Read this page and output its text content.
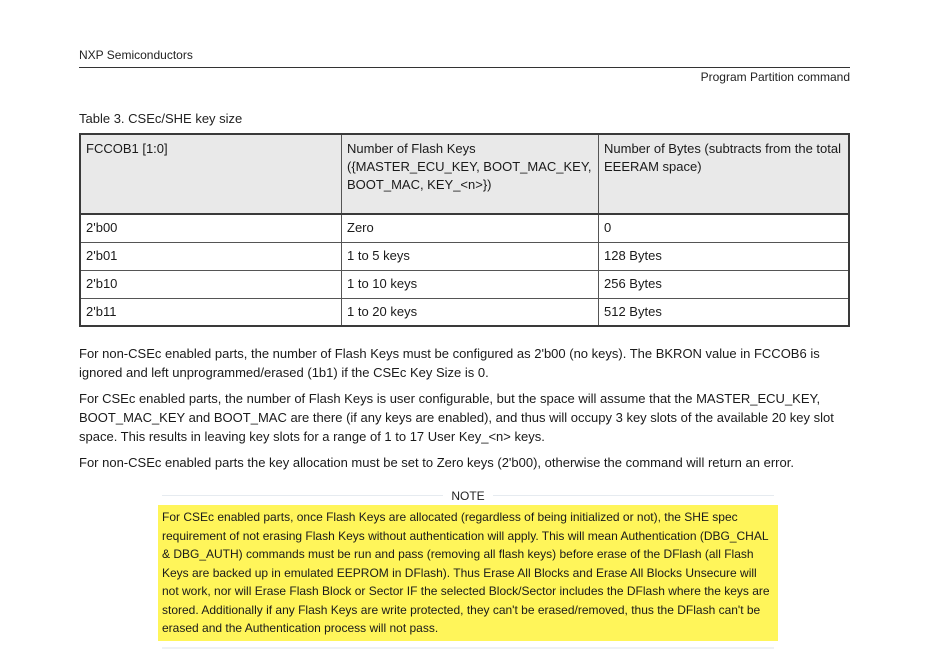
NXP Semiconductors

Program Partition command

Table 3. CSEc/SHE key size

FCCOB1 [1:0]	Number of Flash Keys ({MASTER_ECU_KEY, BOOT_MAC_KEY, BOOT_MAC, KEY_<n>})	Number of Bytes (subtracts from the total EEERAM space)
2'b00	Zero	0
2'b01	1 to 5 keys	128 Bytes
2'b10	1 to 10 keys	256 Bytes
2'b11	1 to 20 keys	512 Bytes

For non-CSEc enabled parts, the number of Flash Keys must be configured as 2'b00 (no keys). The BKRON value in FCCOB6 is ignored and left unprogrammed/erased (1b1) if the CSEc Key Size is 0.

For CSEc enabled parts, the number of Flash Keys is user configurable, but the space will assume that the MASTER_ECU_KEY, BOOT_MAC_KEY and BOOT_MAC are there (if any keys are enabled), and thus will occupy 3 key slots of the available 20 key slot space. This results in leaving key slots for a range of 1 to 17 User Key_<n> keys.

For non-CSEc enabled parts the key allocation must be set to Zero keys (2'b00), otherwise the command will return an error.

NOTE
For CSEc enabled parts, once Flash Keys are allocated (regardless of being initialized or not), the SHE spec requirement of not erasing Flash Keys without authentication will apply. This will mean Authentication (DBG_CHAL & DBG_AUTH) commands must be run and pass (removing all flash keys) before erase of the DFlash (all Flash Keys are backed up in emulated EEPROM in DFlash). Thus Erase All Blocks and Erase All Blocks Unsecure will not work, nor will Erase Flash Block or Sector IF the selected Block/Sector includes the DFlash where the keys are stored. Additionally if any Flash Keys are write protected, they can't be erased/removed, thus the DFlash can't be erased and the Authentication process will not pass.
